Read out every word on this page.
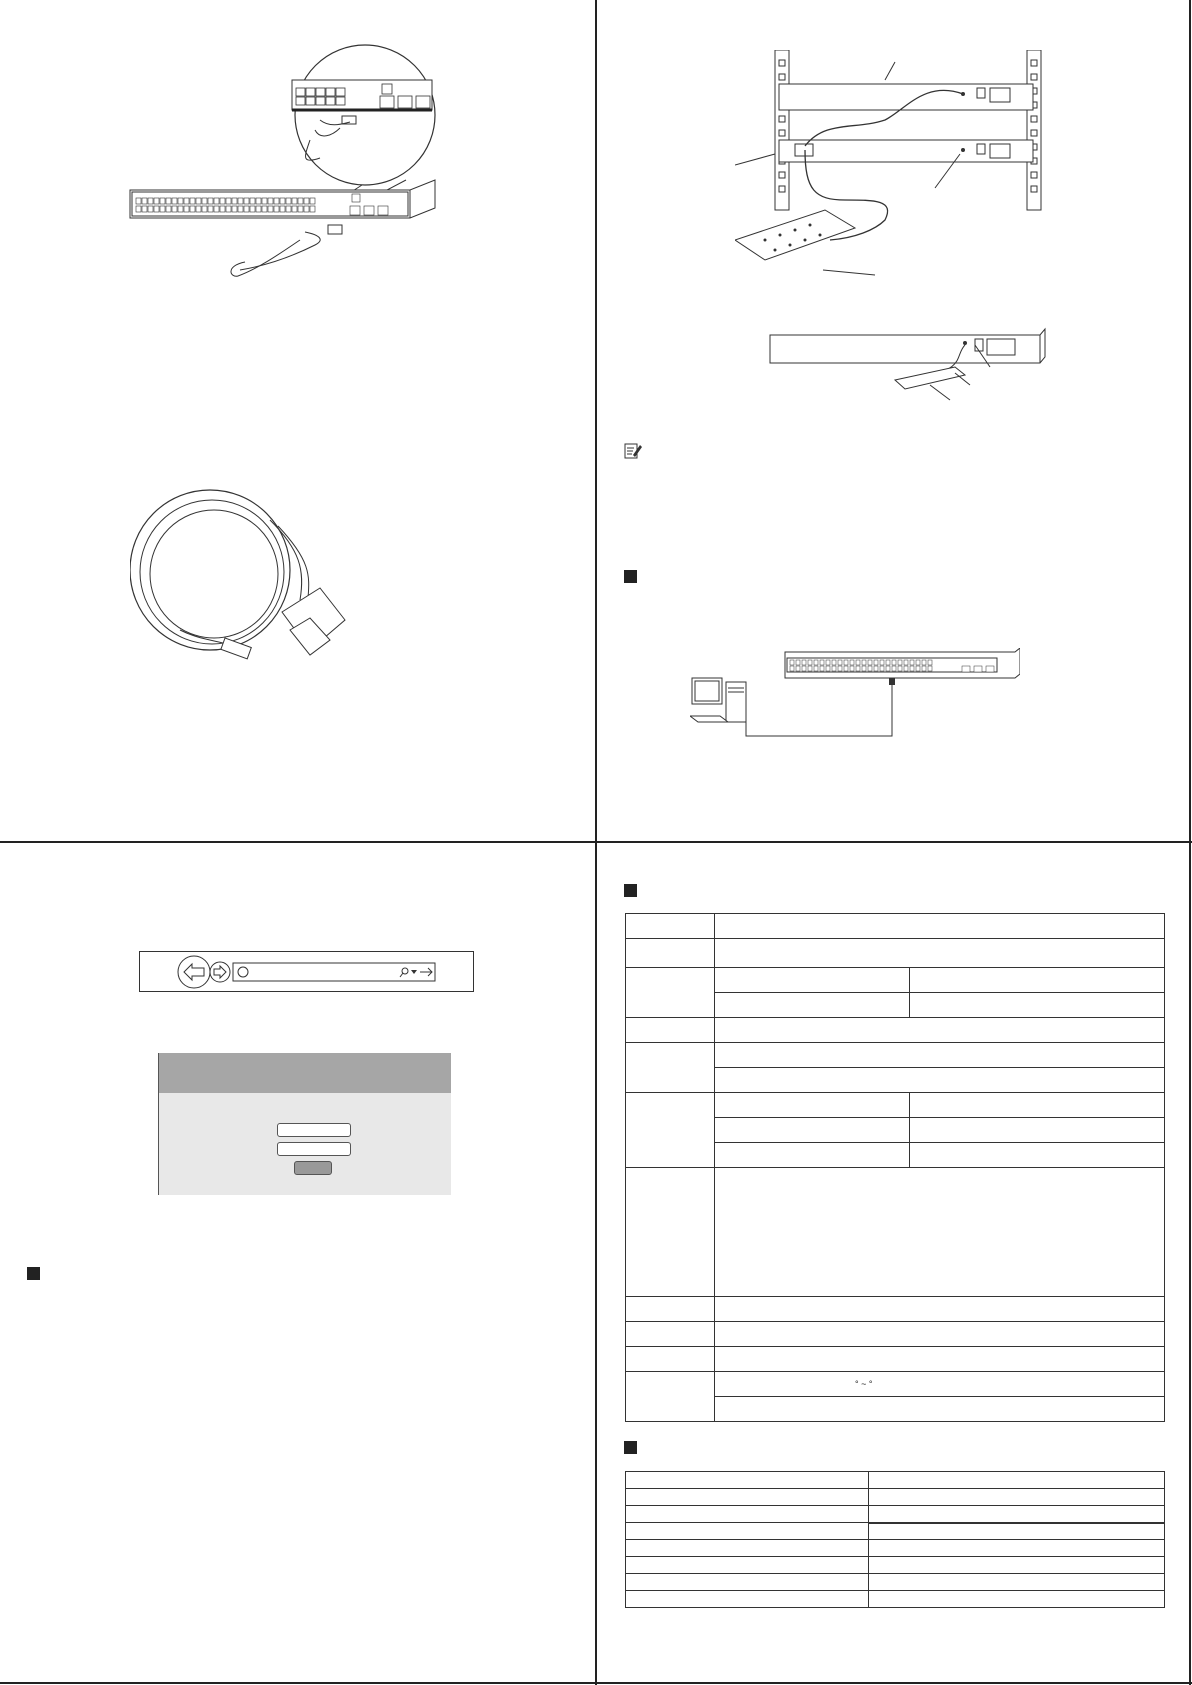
	° ~ °	
